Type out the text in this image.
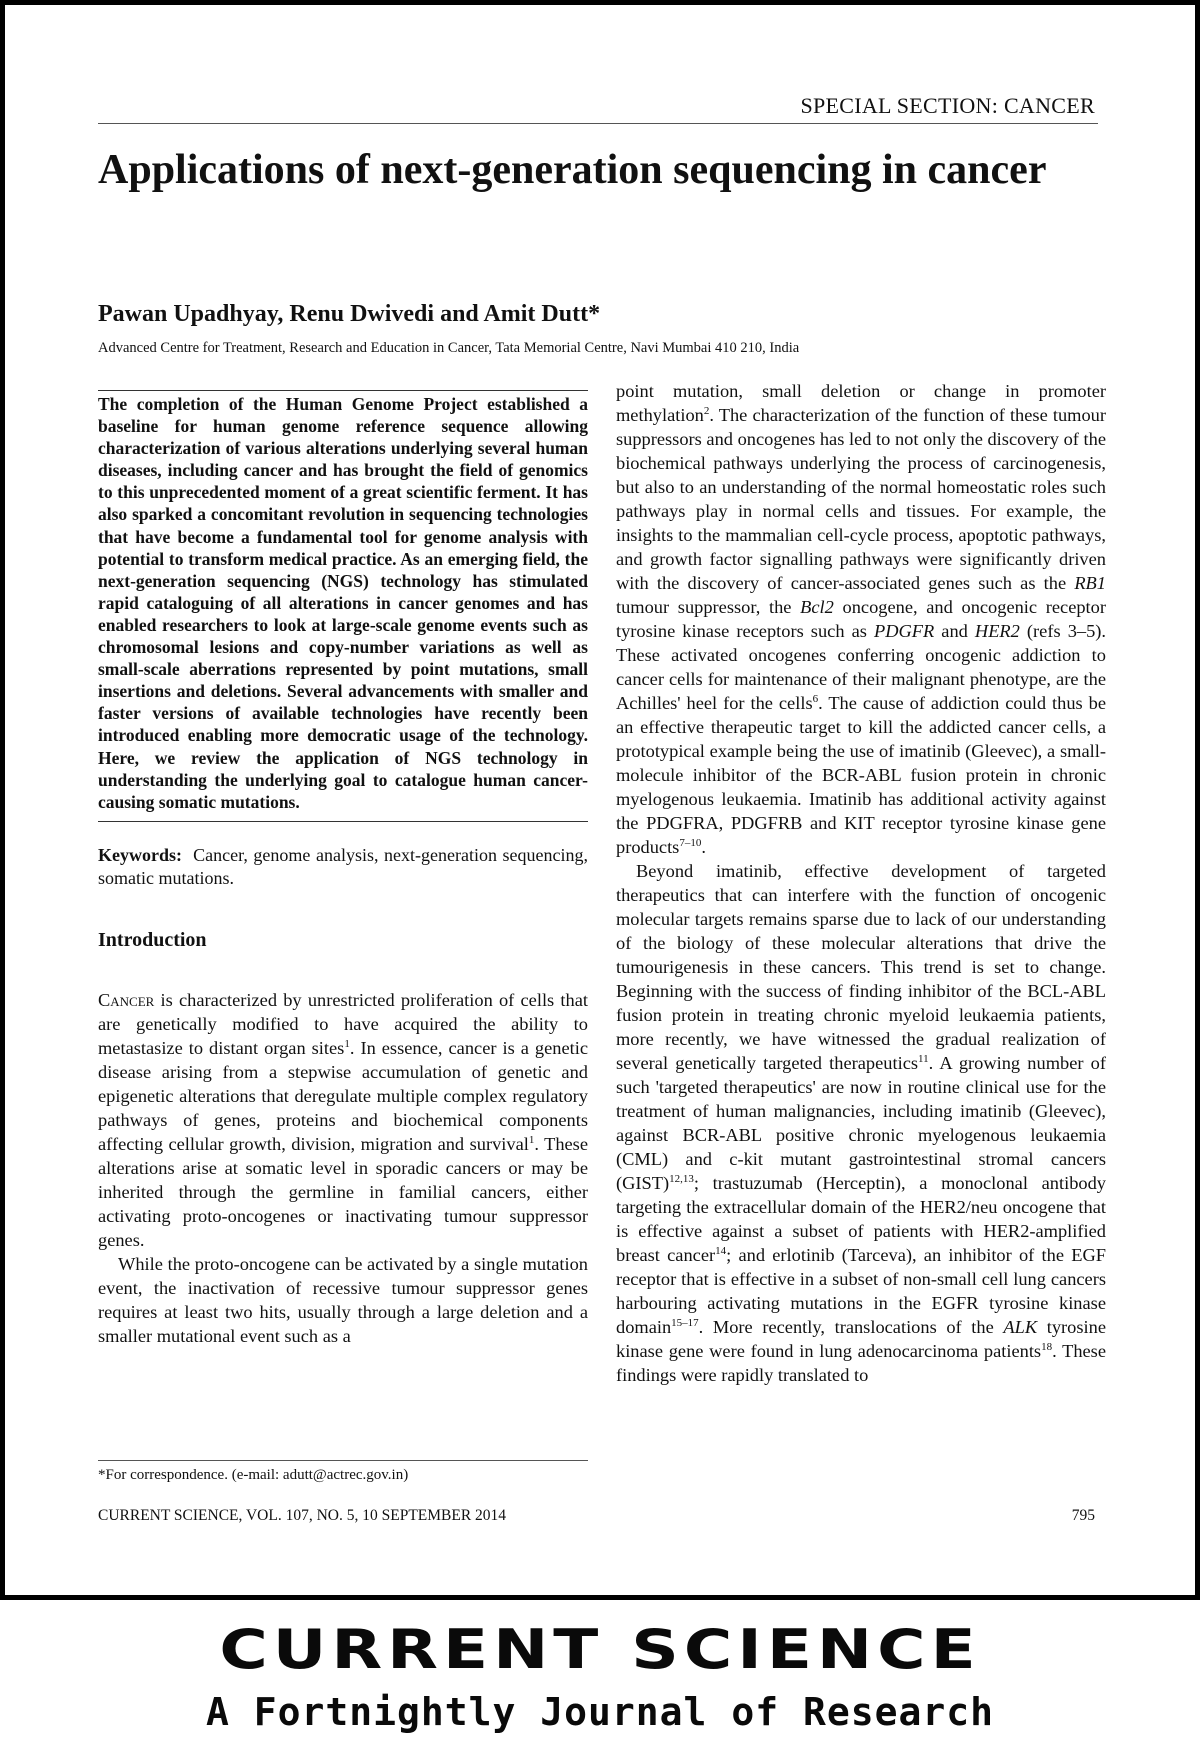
SPECIAL SECTION: CANCER
Applications of next-generation sequencing in cancer
Pawan Upadhyay, Renu Dwivedi and Amit Dutt*
Advanced Centre for Treatment, Research and Education in Cancer, Tata Memorial Centre, Navi Mumbai 410 210, India

The completion of the Human Genome Project established a baseline for human genome reference sequence allowing characterization of various alterations underlying several human diseases, including cancer and has brought the field of genomics to this unprecedented moment of a great scientific ferment. It has also sparked a concomitant revolution in sequencing technologies that have become a fundamental tool for genome analysis with potential to transform medical practice. As an emerging field, the next-generation sequencing (NGS) technology has stimulated rapid cataloguing of all alterations in cancer genomes and has enabled researchers to look at large-scale genome events such as chromosomal lesions and copy-number variations as well as small-scale aberrations represented by point mutations, small insertions and deletions. Several advancements with smaller and faster versions of available technologies have recently been introduced enabling more democratic usage of the technology. Here, we review the application of NGS technology in understanding the underlying goal to catalogue human cancer-causing somatic mutations.

Keywords: Cancer, genome analysis, next-generation sequencing, somatic mutations.

Introduction

Cancer is characterized by unrestricted proliferation of cells that are genetically modified to have acquired the ability to metastasize to distant organ sites$^1$. In essence, cancer is a genetic disease arising from a stepwise accumulation of genetic and epigenetic alterations that deregulate multiple complex regulatory pathways of genes, proteins and biochemical components affecting cellular growth, division, migration and survival$^1$. These alterations arise at somatic level in sporadic cancers or may be inherited through the germline in familial cancers, either activating proto-oncogenes or inactivating tumour suppressor genes.

While the proto-oncogene can be activated by a single mutation event, the inactivation of recessive tumour suppressor genes requires at least two hits, usually through a large deletion and a smaller mutational event such as a

point mutation, small deletion or change in promoter methylation$^2$. The characterization of the function of these tumour suppressors and oncogenes has led to not only the discovery of the biochemical pathways underlying the process of carcinogenesis, but also to an understanding of the normal homeostatic roles such pathways play in normal cells and tissues. For example, the insights to the mammalian cell-cycle process, apoptotic pathways, and growth factor signalling pathways were significantly driven with the discovery of cancer-associated genes such as the RB1 tumour suppressor, the Bcl2 oncogene, and oncogenic receptor tyrosine kinase receptors such as PDGFR and HER2 (refs 3–5). These activated oncogenes conferring oncogenic addiction to cancer cells for maintenance of their malignant phenotype, are the Achilles' heel for the cells$^6$. The cause of addiction could thus be an effective therapeutic target to kill the addicted cancer cells, a prototypical example being the use of imatinib (Gleevec), a small-molecule inhibitor of the BCR-ABL fusion protein in chronic myelogenous leukaemia. Imatinib has additional activity against the PDGFRA, PDGFRB and KIT receptor tyrosine kinase gene products$^{7-10}$.

Beyond imatinib, effective development of targeted therapeutics that can interfere with the function of oncogenic molecular targets remains sparse due to lack of our understanding of the biology of these molecular alterations that drive the tumourigenesis in these cancers. This trend is set to change. Beginning with the success of finding inhibitor of the BCL-ABL fusion protein in treating chronic myeloid leukaemia patients, more recently, we have witnessed the gradual realization of several genetically targeted therapeutics$^{11}$. A growing number of such 'targeted therapeutics' are now in routine clinical use for the treatment of human malignancies, including imatinib (Gleevec), against BCR-ABL positive chronic myelogenous leukaemia (CML) and c-kit mutant gastrointestinal stromal cancers (GIST)$^{12,13}$; trastuzumab (Herceptin), a monoclonal antibody targeting the extracellular domain of the HER2/neu oncogene that is effective against a subset of patients with HER2-amplified breast cancer$^{14}$; and erlotinib (Tarceva), an inhibitor of the EGF receptor that is effective in a subset of non-small cell lung cancers harbouring activating mutations in the EGFR tyrosine kinase domain$^{15-17}$. More recently, translocations of the ALK tyrosine kinase gene were found in lung adenocarcinoma patients$^{18}$. These findings were rapidly translated to

*For correspondence. (e-mail: adutt@actrec.gov.in)
CURRENT SCIENCE, VOL. 107, NO. 5, 10 SEPTEMBER 2014	795
CURRENT SCIENCE
A Fortnightly Journal of Research
